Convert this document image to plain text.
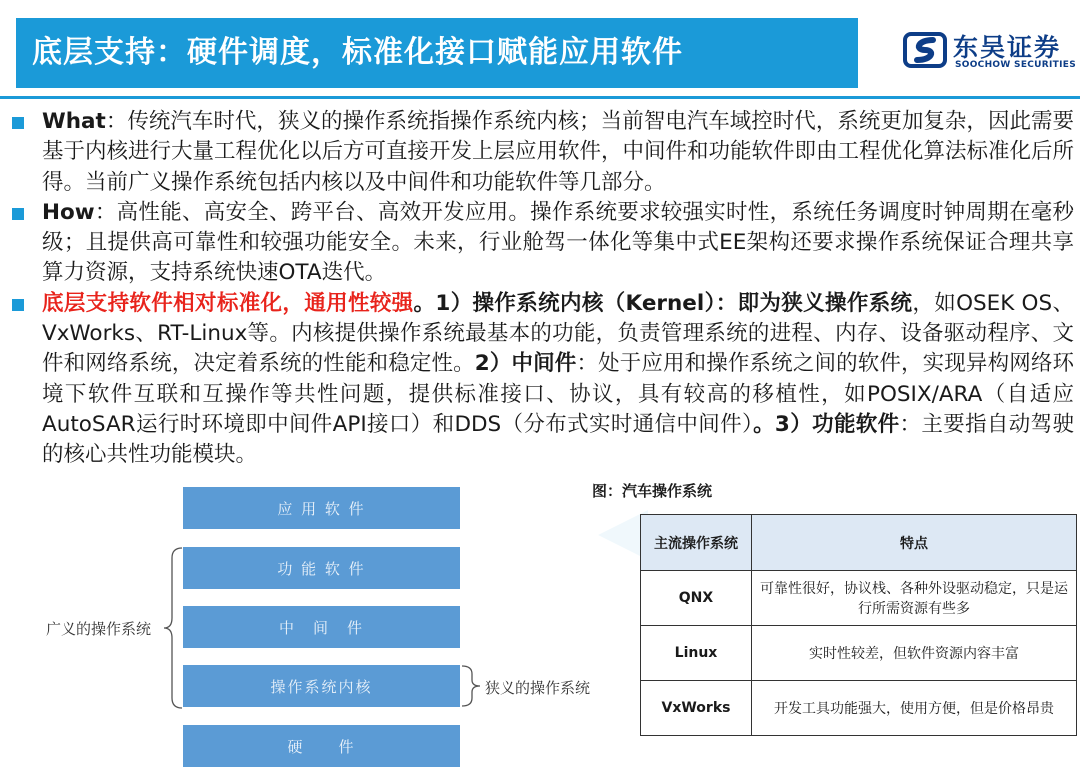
底层支持：硬件调度，标准化接口赋能应用软件	东吴证券
SOOCHOW SECURITIES
What：传统汽车时代，狭义的操作系统指操作系统内核；当前智电汽车域控时代，系统更加复杂，因此需要基于内核进行大量工程优化以后方可直接开发上层应用软件，中间件和功能软件即由工程优化算法标准化后所得。当前广义操作系统包括内核以及中间件和功能软件等几部分。
How：高性能、高安全、跨平台、高效开发应用。操作系统要求较强实时性，系统任务调度时钟周期在毫秒级；且提供高可靠性和较强功能安全。未来，行业舱驾一体化等集中式EE架构还要求操作系统保证合理共享算力资源，支持系统快速OTA迭代。
底层支持软件相对标准化，通用性较强。1）操作系统内核（Kernel）：即为狭义操作系统，如OSEK OS、VxWorks、RT-Linux等。内核提供操作系统最基本的功能，负责管理系统的进程、内存、设备驱动程序、文件和网络系统，决定着系统的性能和稳定性。2）中间件：处于应用和操作系统之间的软件，实现异构网络环境下软件互联和互操作等共性问题，提供标准接口、协议，具有较高的移植性，如POSIX/ARA（自适应AutoSAR运行时环境即中间件API接口）和DDS（分布式实时通信中间件）。3）功能软件：主要指自动驾驶的核心共性功能模块。
应 用 软 件
功 能 软 件
中　间　件
操作系统内核
硬　　件
广义的操作系统
狭义的操作系统
图：汽车操作系统
主流操作系统	特点
QNX	可靠性很好，协议栈、各种外设驱动稳定，只是运行所需资源有些多
Linux	实时性较差，但软件资源内容丰富
VxWorks	开发工具功能强大，使用方便，但是价格昂贵
